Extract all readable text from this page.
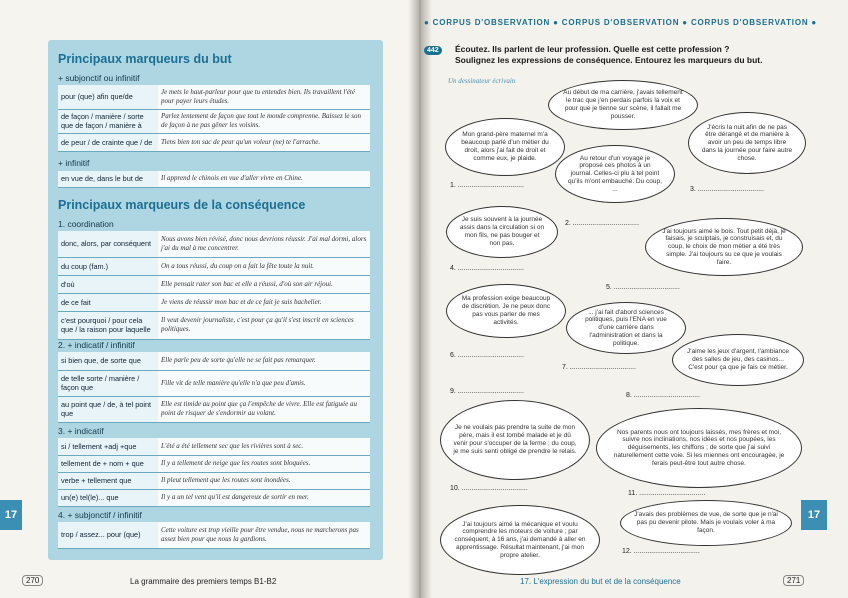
Principaux marqueurs du but
+ subjonctif ou infinitif
pour (que) afin que/de	Je mets le haut-parleur pour que tu entendes bien. Ils travaillent l'été pour payer leurs études.
de façon / manière / sorte que de façon / manière à	Parlez lentement de façon que tout le monde comprenne. Baissez le son de façon à ne pas gêner les voisins.
de peur / de crainte que / de	Tiens bien ton sac de peur qu'un voleur (ne) te l'arrache.
+ infinitif
en vue de, dans le but de	Il apprend le chinois en vue d'aller vivre en Chine.
Principaux marqueurs de la conséquence
1. coordination
donc, alors, par conséquent	Nous avons bien révisé, donc nous devrions réussir. J'ai mal dormi, alors j'ai du mal à me concentrer.
du coup (fam.)	On a tous réussi, du coup on a fait la fête toute la nuit.
d'où	Elle pensait rater son bac et elle a réussi, d'où son air réjoui.
de ce fait	Je viens de réussir mon bac et de ce fait je suis bachelier.
c'est pourquoi / pour cela que / la raison pour laquelle	Il veut devenir journaliste, c'est pour ça qu'il s'est inscrit en sciences politiques.
2. + indicatif / infinitif
si bien que, de sorte que	Elle parle peu de sorte qu'elle ne se fait pas remarquer.
de telle sorte / manière / façon que	Fille vit de telle manière qu'elle n'a que peu d'amis.
au point que / de, à tel point que	Elle est timide au point que ça l'empêche de vivre. Elle est fatiguée au point de risquer de s'endormir au volant.
3. + indicatif
si / tellement +adj +que	L'été a été tellement sec que les rivières sont à sec.
tellement de + nom + que	Il y a tellement de neige que les routes sont bloquées.
verbe + tellement que	Il pleut tellement que les routes sont inondées.
un(e) tel(le)... que	Il y a un tel vent qu'il est dangereux de sortir en mer.
4. + subjonctif / infinitif
trop / assez... pour (que)	Cette voiture est trop vieille pour être vendue, nous ne marcherons pas assez bien pour que nous la gardions.
17
270	La grammaire des premiers temps B1-B2
● CORPUS D'OBSERVATION ● CORPUS D'OBSERVATION ● CORPUS D'OBSERVATION ●
442	Écoutez. Ils parlent de leur profession. Quelle est cette profession ?
Soulignez les expressions de conséquence. Entourez les marqueurs du but.
Un dessinateur écrivain
Au début de ma carrière, j'avais tellement le trac que j'en perdais parfois la voix et pour que je tienne sur scène, il fallait me pousser.
Mon grand-père maternel m'a beaucoup parlé d'un métier du droit, alors j'ai fait de droit et comme eux, je plaide.	Au retour d'un voyage je proposé ces photos à un journal. Celles-ci plu à tel point qu'ils m'ont embauché. Du coup, ...
J'écris la nuit afin de ne pas être dérangé et de manière à avoir un peu de temps libre dans la journée pour faire autre chose.
Je suis souvent à la journée assis dans la circulation si on mon fils, ne pas bouger et non pas.
J'ai toujours aimé le bois. Tout petit déjà, je faisais, je sculptais, je construisais et, du coup, le choix de mon métier a été très simple. J'ai toujours su ce que je voulais faire.
Ma profession exige beaucoup de discrétion. Je ne peux donc pas vous parler de mes activités.
... j'ai fait d'abord sciences politiques, puis l'ENA en vue d'une carrière dans l'administration et dans la politique.
J'aime les jeux d'argent, l'ambiance des salles de jeu, des casinos... C'est pour ça que je fais ce métier.
Je ne voulais pas prendre la suite de mon père, mais il est tombé malade et je dû venir pour s'occuper de la ferme ; du coup, je me suis senti obligé de prendre le relais.
Nos parents nous ont toujours laissés, mes frères et moi, suivre nos inclinations, nos idées et nos poupées, les déguisements, les chiffons ; de sorte que j'ai suivi naturellement cette voie. Si les miennes ont encouragée, je ferais peut-être tout autre chose.
J'ai toujours aimé la mécanique et voulu comprendre les moteurs de voiture ; par conséquent, à 16 ans, j'ai demandé à aller en apprentissage. Résultat maintenant, j'ai mon propre atelier.
J'avais des problèmes de vue, de sorte que je n'ai pas pu devenir pilote. Mais je voulais voler à ma façon.
1. ..................................
2. ..................................
3. ..................................
4. ..................................
5. ..................................
6. ..................................
7. ..................................
8. ..................................
9. ..................................
10. ..................................
11. ..................................
12. ..................................
17
17. L'expression du but et de la conséquence	271
